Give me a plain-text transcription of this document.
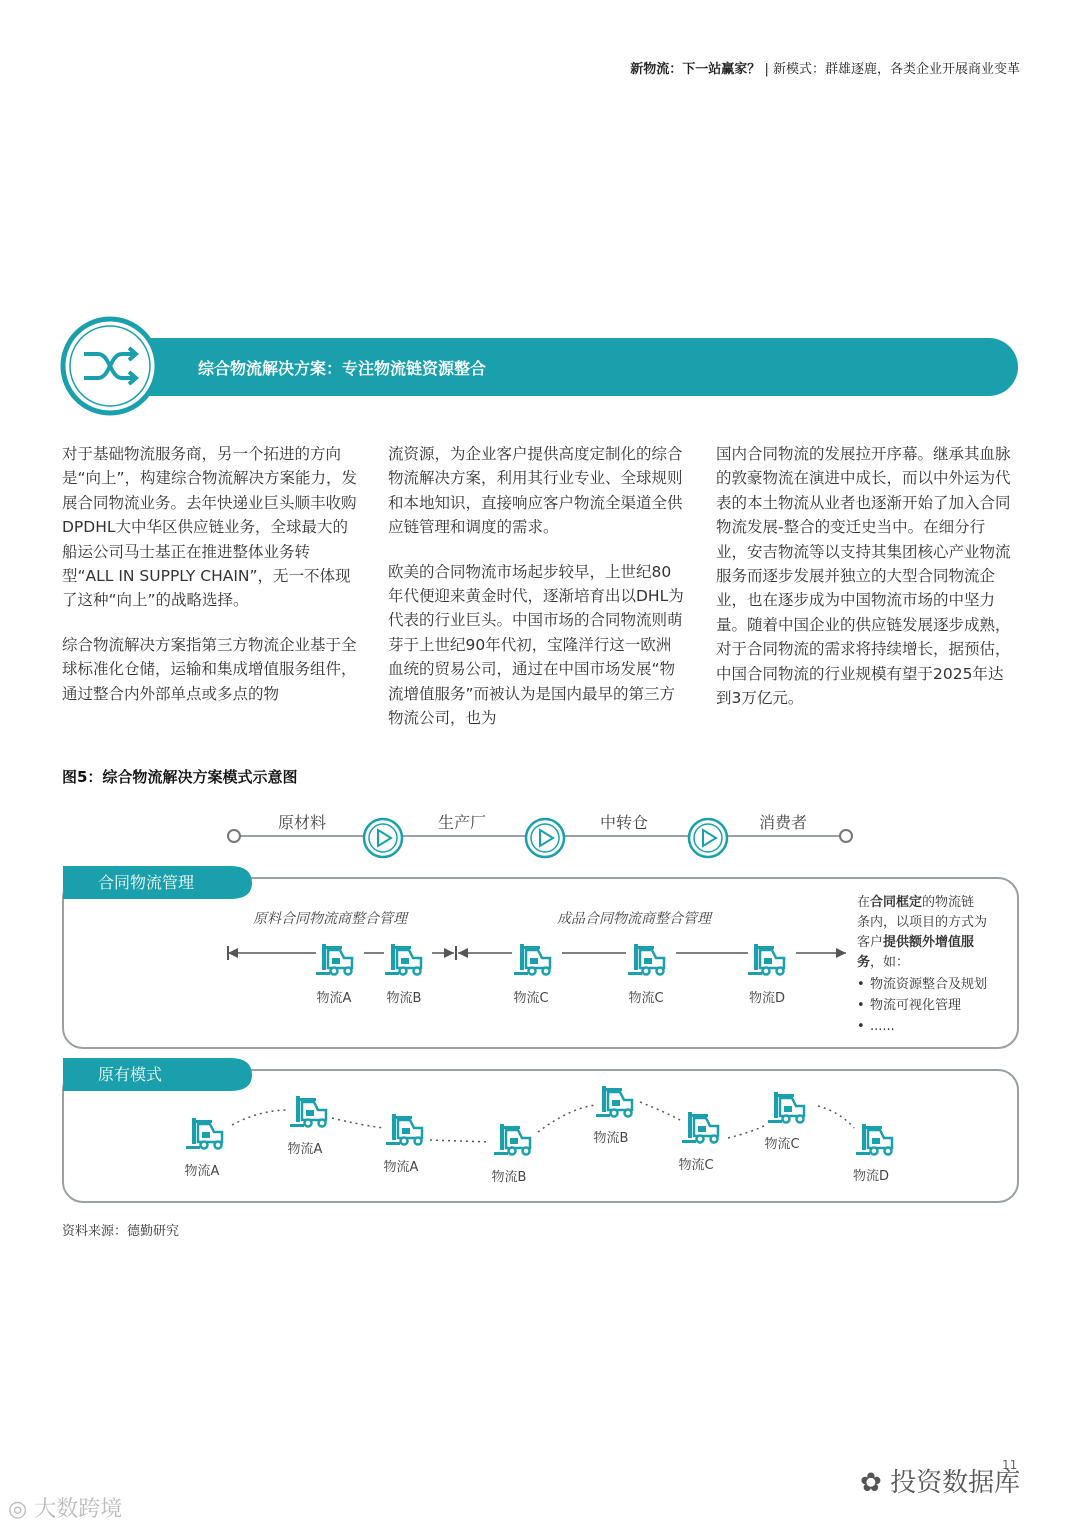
新物流：下一站赢家？ | 新模式：群雄逐鹿，各类企业开展商业变革
综合物流解决方案：专注物流链资源整合

对于基础物流服务商，另一个拓进的方向是“向上”，构建综合物流解决方案能力，发展合同物流业务。去年快递业巨头顺丰收购DPDHL大中华区供应链业务，全球最大的船运公司马士基正在推进整体业务转型“ALL IN SUPPLY CHAIN”，无一不体现了这种“向上”的战略选择。

综合物流解决方案指第三方物流企业基于全球标准化仓储，运输和集成增值服务组件，通过整合内外部单点或多点的物

流资源，为企业客户提供高度定制化的综合物流解决方案，利用其行业专业、全球规则和本地知识，直接响应客户物流全渠道全供应链管理和调度的需求。

欧美的合同物流市场起步较早，上世纪80年代便迎来黄金时代，逐渐培育出以DHL为代表的行业巨头。中国市场的合同物流则萌芽于上世纪90年代初，宝隆洋行这一欧洲血统的贸易公司，通过在中国市场发展“物流增值服务”而被认为是国内最早的第三方物流公司，也为

国内合同物流的发展拉开序幕。继承其血脉的敦豪物流在演进中成长，而以中外运为代表的本土物流从业者也逐渐开始了加入合同物流发展-整合的变迁史当中。在细分行业，安吉物流等以支持其集团核心产业物流服务而逐步发展并独立的大型合同物流企业，也在逐步成为中国物流市场的中坚力量。随着中国企业的供应链发展逐步成熟，对于合同物流的需求将持续增长，据预估，中国合同物流的行业规模有望于2025年达到3万亿元。

图5：综合物流解决方案模式示意图
原材料	生产厂	中转仓	消费者
合同物流管理
原料合同物流商整合管理	成品合同物流商整合管理
物流A	物流B	物流C	物流C	物流D
在合同框定的物流链
条内，以项目的方式为
客户提供额外增值服
务，如：
• 物流资源整合及规划
• 物流可视化管理
• ......
原有模式
物流A
物流A
物流A
物流B
物流B
物流C
物流C
物流D
资料来源：德勤研究
11
✿ 投资数据库
◎ 大数跨境
